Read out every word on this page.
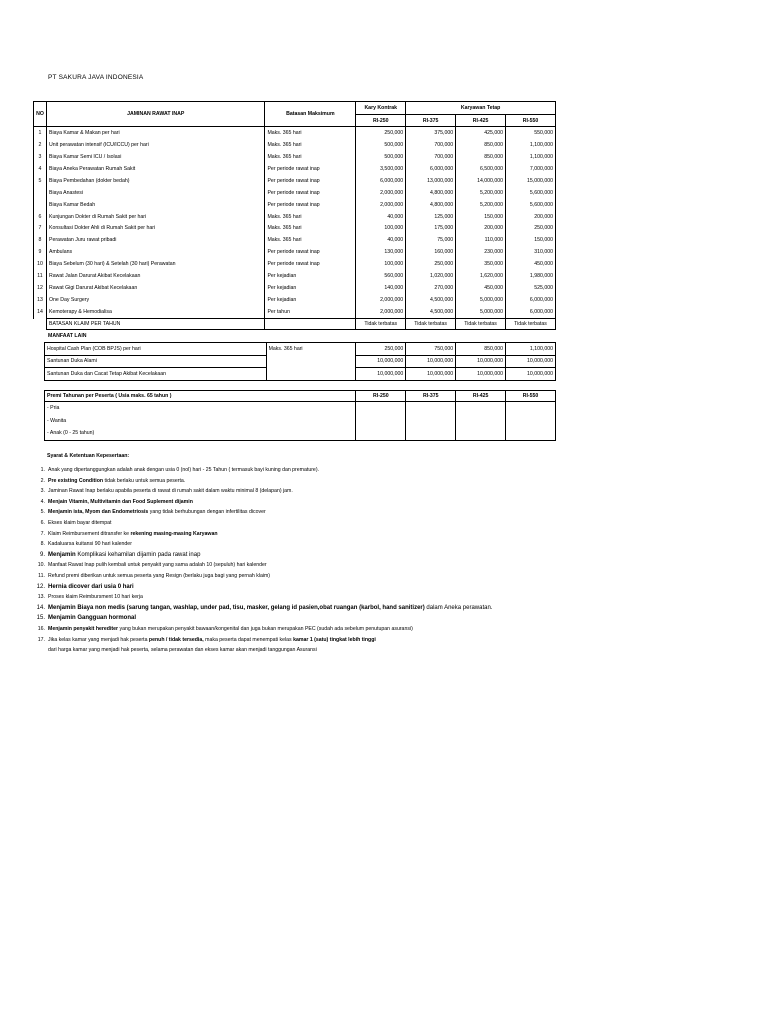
PT SAKURA JAVA INDONESIA
NO	JAMINAN RAWAT INAP	Batasan Maksimum	Kary Kontrak	Karyawan Tetap		
			RI-250	RI-375	RI-425	RI-550
1	Biaya Kamar & Makan per hari	Maks. 365 hari	250,000	375,000	425,000	550,000
2	Unit perawatan intensif (ICU/ICCU) per hari	Maks. 365 hari	500,000	700,000	850,000	1,100,000
3	Biaya Kamar Semi ICU / Isolasi	Maks. 365 hari	500,000	700,000	850,000	1,100,000
4	Biaya Aneka Perawatan Rumah Sakit	Per periode rawat inap	3,500,000	6,000,000	6,500,000	7,000,000
5	Biaya Pembedahan (dokter bedah)	Per periode rawat inap	6,000,000	13,000,000	14,000,000	15,000,000
	Biaya Anastesi	Per periode rawat inap	2,000,000	4,800,000	5,200,000	5,600,000
	Biaya Kamar Bedah	Per periode rawat inap	2,000,000	4,800,000	5,200,000	5,600,000
6	Kunjungan Dokter di Rumah Sakit per hari	Maks. 365 hari	40,000	125,000	150,000	200,000
7	Konsultasi Dokter Ahli di Rumah Sakit per hari	Maks. 365 hari	100,000	175,000	200,000	250,000
8	Perawatan Juru rawat pribadi	Maks. 365 hari	40,000	75,000	110,000	150,000
9	Ambulans	Per periode rawat inap	130,000	160,000	230,000	310,000
10	Biaya Sebelum (30 hari) & Setelah (30 hari) Perawatan	Per periode rawat inap	100,000	250,000	350,000	450,000
11	Rawat Jalan Darurat Akibat Kecelakaan	Per kejadian	560,000	1,020,000	1,620,000	1,980,000
12	Rawat Gigi Darurat Akibat Kecelakaan	Per kejadian	140,000	270,000	450,000	525,000
13	One Day Surgery	Per kejadian	2,000,000	4,500,000	5,000,000	6,000,000
14	Kemoterapy & Hemodialisa	Per tahun	2,000,000	4,500,000	5,000,000	6,000,000
	BATASAN KLAIM PER TAHUN		Tidak terbatas	Tidak terbatas	Tidak terbatas	Tidak terbatas
MANFAAT LAIN
Hospital Cash Plan (COB BPJS) per hari	Maks. 365 hari	250,000	750,000	850,000	1,100,000
Santunan Duka Alami		10,000,000	10,000,000	10,000,000	10,000,000
Santunan Duka dan Cacat Tetap Akibat Kecelakaan		10,000,000	10,000,000	10,000,000	10,000,000
Premi Tahunan per Peserta ( Usia maks. 65 tahun )	RI-250	RI-375	RI-425	RI-550
- Pria				
- Wanita				
- Anak (0 - 25 tahun)				
Syarat & Ketentuan Kepesertaan:
1. Anak yang dipertanggungkan adalah anak dengan usia 0 (nol) hari - 25 Tahun ( termasuk bayi kuning dan premature).
2. Pre existing Condition tidak berlaku untuk semua peserta.
3. Jaminan Rawat Inap berlaku apabila peserta di rawat di rumah sakit dalam waktu minimal 8 (delapan) jam.
4. Menjain Vitamin, Multivitamin dan Food Suplement dijamin
5. Menjamin ista, Myom dan Endometriosis yang tidak berhubungan dengan infertilitas dicover
6. Ekses klaim bayar ditempat
7. Klaim Reimbursement ditransfer ke rekening masing-masing Karyawan
8. Kadaluarsa kuitansi 90 hari kalender
9. Menjamin Komplikasi kehamilan dijamin pada rawat inap
10. Manfaat Rawat Inap pulih kembali untuk penyakit yang sama adalah 10 (sepuluh) hari kalender
11. Refund premi diberikan untuk semua peserta yang Resign (berlaku juga bagi yang pernah klaim)
12. Hernia dicover dari usia 0 hari
13. Proses klaim Reimbursment 10 hari kerja
14. Menjamin Biaya non medis (sarung tangan, washlap, under pad, tisu, masker, gelang id pasien,obat ruangan (karbol, hand sanitizer) dalam Aneka perawatan.
15. Menjamin Gangguan hormonal
16. Menjamin penyakit herediter yang bukan merupakan penyakit bawaan/kongenital dan juga bukan merupakan PEC (sudah ada sebelum penutupan asuransi)
17. Jika kelas kamar yang menjadi hak peserta penuh / tidak tersedia, maka peserta dapat menempati kelas kamar 1 (satu) tingkat lebih tinggi
dari harga kamar yang menjadi hak peserta, selama perawatan dan ekses kamar akan menjadi tanggungan Asuransi
